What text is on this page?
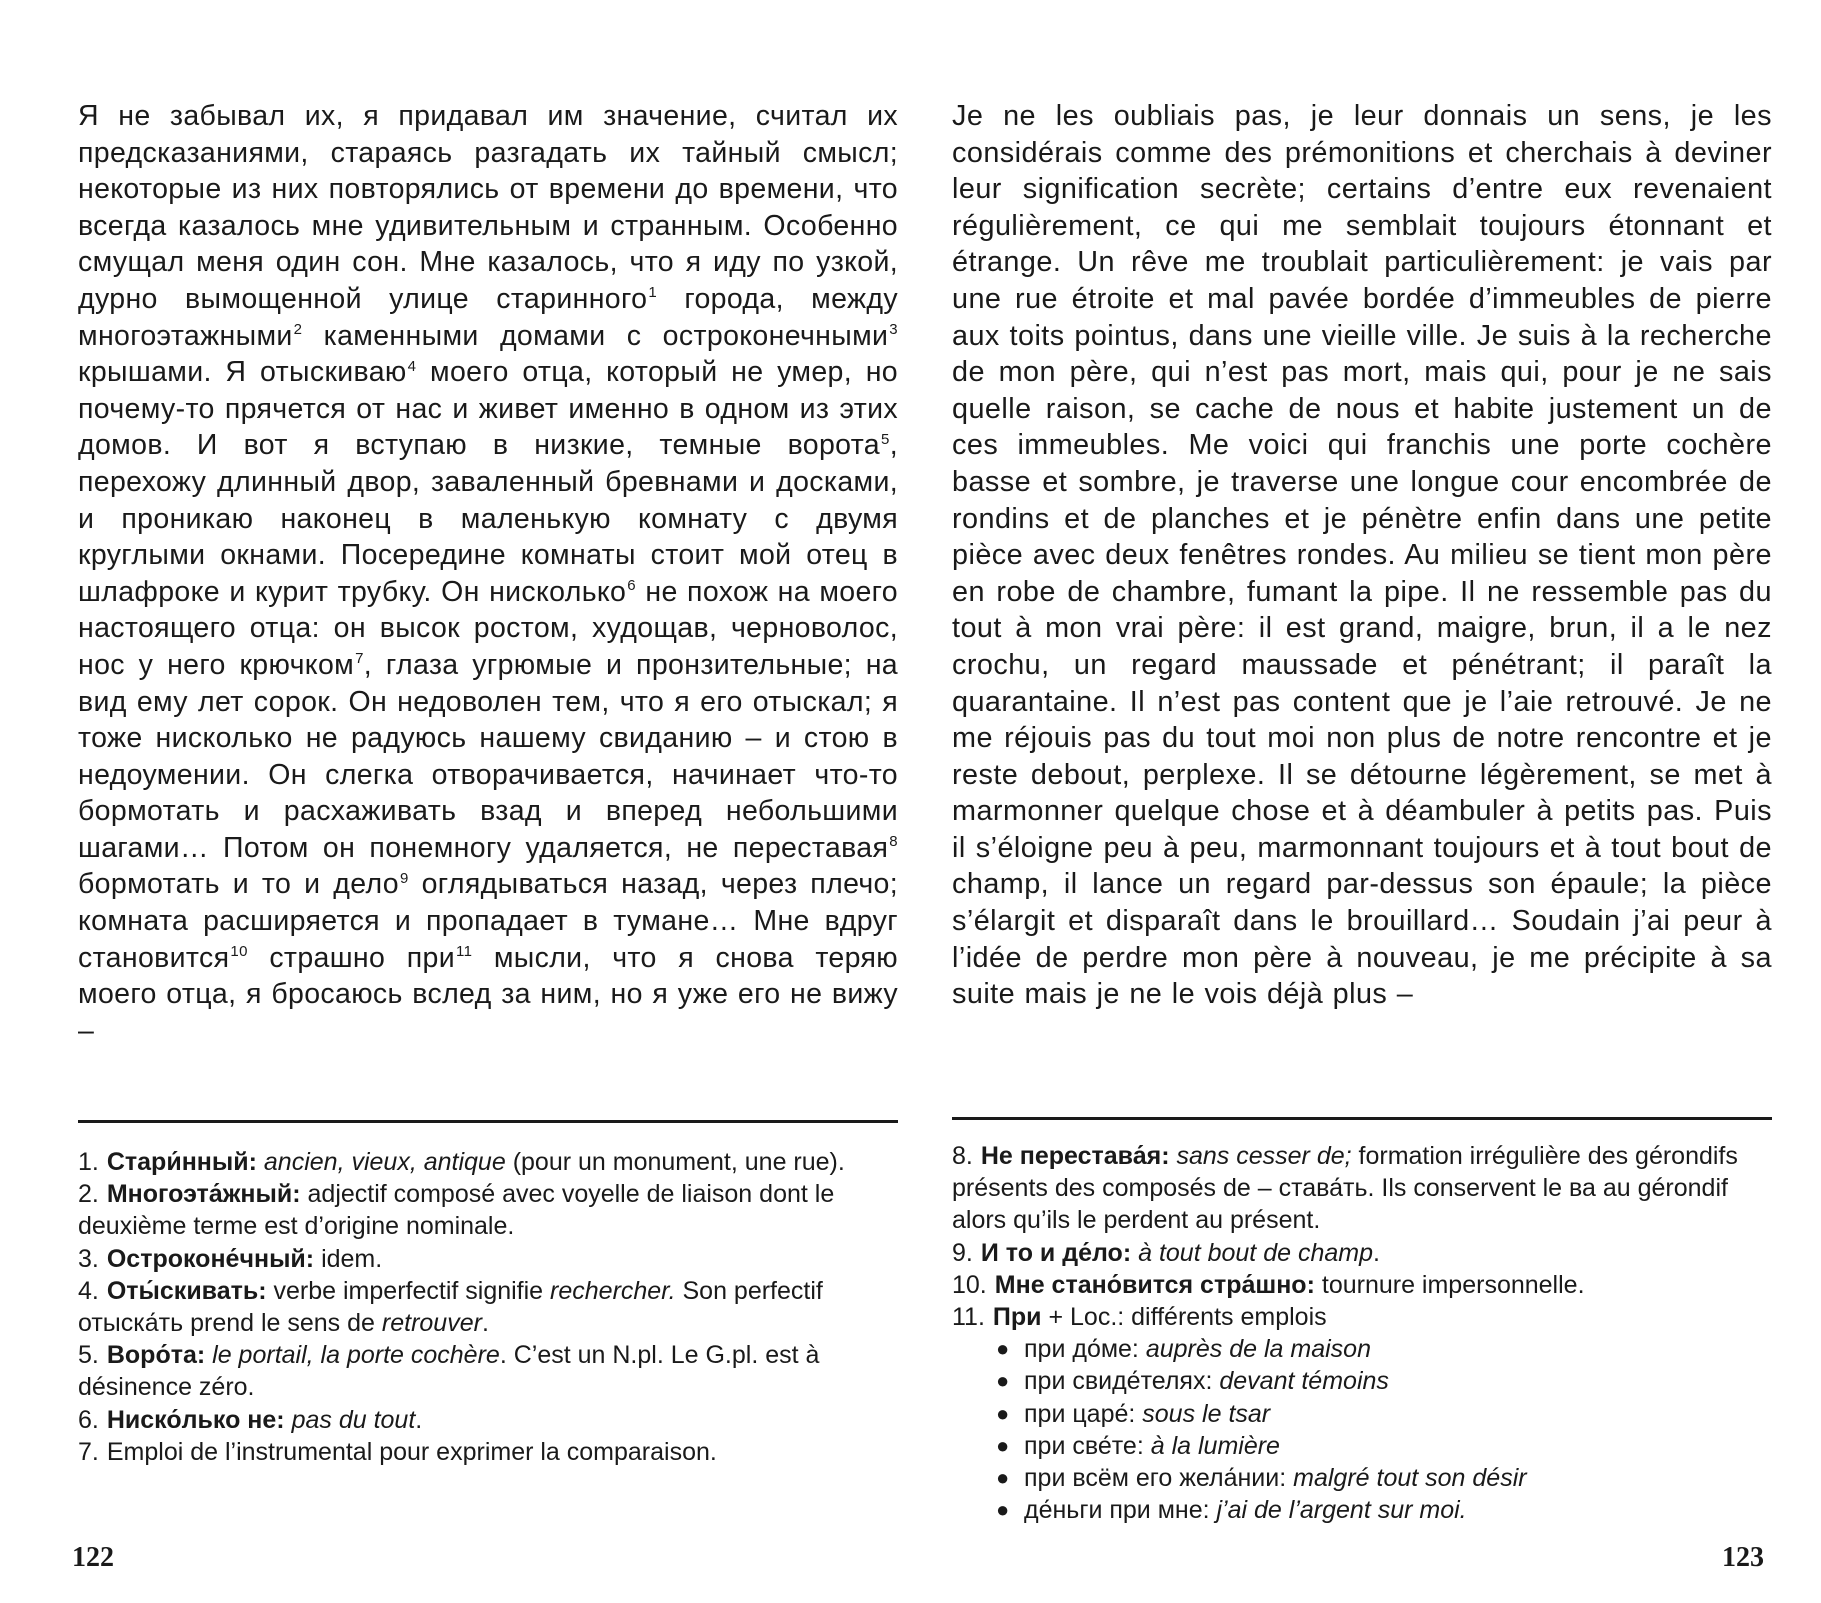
Я не забывал их, я придавал им значение, считал их предсказаниями, стараясь разгадать их тайный смысл; некоторые из них повторялись от времени до времени, что всегда казалось мне удивительным и странным. Особенно смущал меня один сон. Мне казалось, что я иду по узкой, дурно вымощенной улице старинного$^1$ города, между многоэтажными$^2$ каменными домами с остроконечными$^3$ крышами. Я отыскиваю$^4$ моего отца, который не умер, но почему-то прячется от нас и живет именно в одном из этих домов. И вот я вступаю в низкие, темные ворота$^5$, перехожу длинный двор, заваленный бревнами и досками, и проникаю наконец в маленькую комнату с двумя круглыми окнами. Посередине комнаты стоит мой отец в шлафроке и курит трубку. Он нисколько$^6$ не похож на моего настоящего отца: он высок ростом, худощав, черноволос, нос у него крючком$^7$, глаза угрюмые и пронзительные; на вид ему лет сорок. Он недоволен тем, что я его отыскал; я тоже нисколько не радуюсь нашему свиданию – и стою в недоумении. Он слегка отворачивается, начинает что-то бормотать и расхаживать взад и вперед небольшими шагами… Потом он понемногу удаляется, не переставая$^8$ бормотать и то и дело$^9$ оглядываться назад, через плечо; комната расширяется и пропадает в тумане… Мне вдруг становится$^{10}$ страшно при$^{11}$ мысли, что я снова теряю моего отца, я бросаюсь вслед за ним, но я уже его не вижу –

1. Стари́нный: ancien, vieux, antique (pour un monument, une rue).

2. Многоэта́жный: adjectif composé avec voyelle de liaison dont le deuxième terme est d’origine nominale.

3. Остроконе́чный: idem.

4. Оты́скивать: verbe imperfectif signifie rechercher. Son perfectif отыска́ть prend le sens de retrouver.

5. Воро́та: le portail, la porte cochère. C’est un N.pl. Le G.pl. est à désinence zéro.

6. Ниско́лько не: pas du tout.

7. Emploi de l’instrumental pour exprimer la comparaison.

122

Je ne les oubliais pas, je leur donnais un sens, je les considérais comme des prémonitions et cherchais à deviner leur signification secrète; certains d’entre eux revenaient régulièrement, ce qui me semblait toujours étonnant et étrange. Un rêve me troublait particulièrement: je vais par une rue étroite et mal pavée bordée d’immeubles de pierre aux toits pointus, dans une vieille ville. Je suis à la recherche de mon père, qui n’est pas mort, mais qui, pour je ne sais quelle raison, se cache de nous et habite justement un de ces immeubles. Me voici qui franchis une porte cochère basse et sombre, je traverse une longue cour encombrée de rondins et de planches et je pénètre enfin dans une petite pièce avec deux fenêtres rondes. Au milieu se tient mon père en robe de chambre, fumant la pipe. Il ne ressemble pas du tout à mon vrai père: il est grand, maigre, brun, il a le nez crochu, un regard maussade et pénétrant; il paraît la quarantaine. Il n’est pas content que je l’aie retrouvé. Je ne me réjouis pas du tout moi non plus de notre rencontre et je reste debout, perplexe. Il se détourne légèrement, se met à marmonner quelque chose et à déambuler à petits pas. Puis il s’éloigne peu à peu, marmonnant toujours et à tout bout de champ, il lance un regard par-dessus son épaule; la pièce s’élargit et disparaît dans le brouillard… Soudain j’ai peur à l’idée de perdre mon père à nouveau, je me précipite à sa suite mais je ne le vois déjà plus –

8. Не перестава́я: sans cesser de; formation irrégulière des gérondifs présents des composés de – става́ть. Ils conservent le ва au gérondif alors qu’ils le perdent au présent.

9. И то и де́ло: à tout bout de champ.

10. Мне стано́вится стра́шно: tournure impersonnelle.

11. При + Loc.: différents emplois

● при до́ме: auprès de la maison
● при свиде́телях: devant témoins
● при царе́: sous le tsar
● при све́те: à la lumière
● при всём его жела́нии: malgré tout son désir
● де́ньги при мне: j’ai de l’argent sur moi.
123
